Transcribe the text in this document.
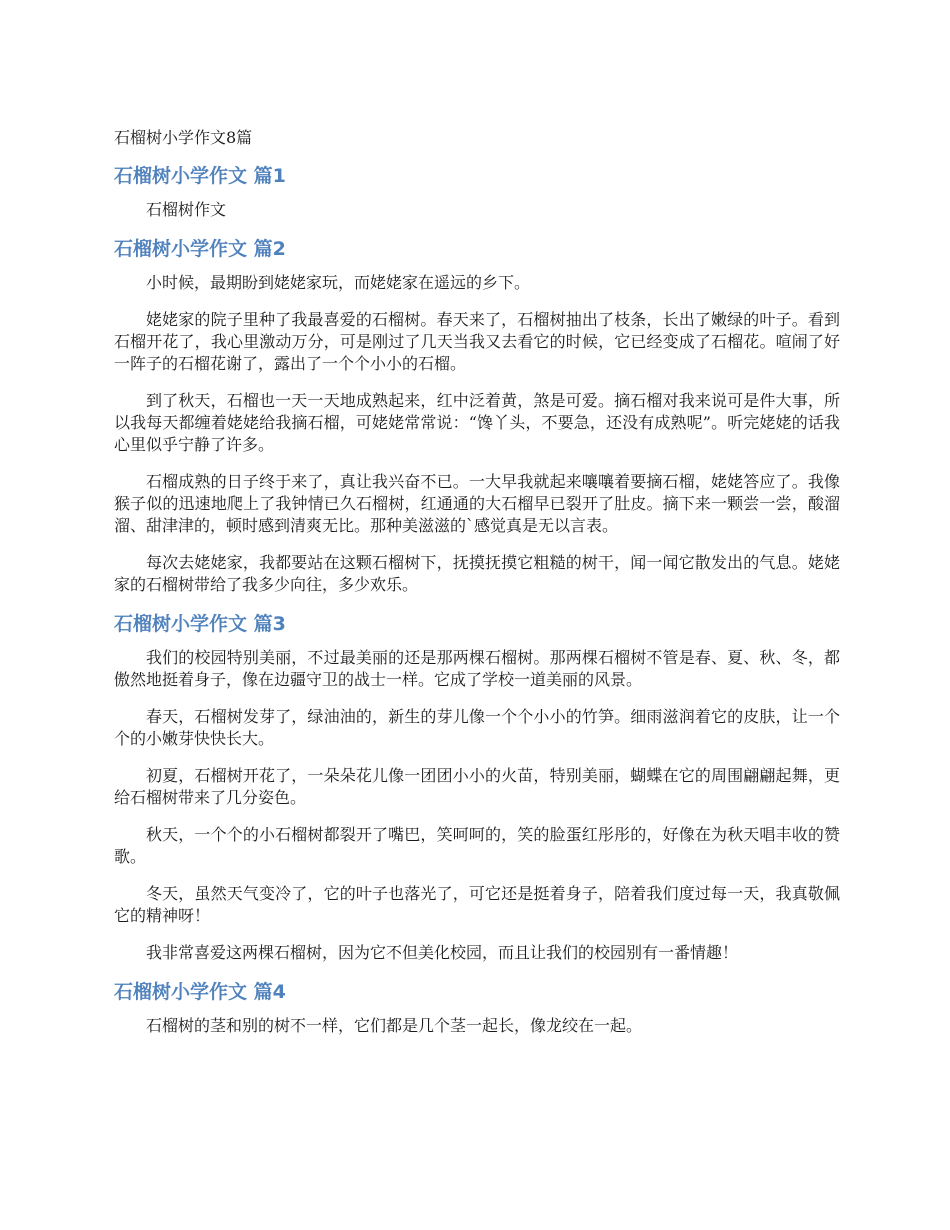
石榴树小学作文8篇

石榴树小学作文 篇1

石榴树作文

石榴树小学作文 篇2

小时候，最期盼到姥姥家玩，而姥姥家在遥远的乡下。

姥姥家的院子里种了我最喜爱的石榴树。春天来了，石榴树抽出了枝条，长出了嫩绿的叶子。看到石榴开花了，我心里激动万分，可是刚过了几天当我又去看它的时候，它已经变成了石榴花。喧闹了好一阵子的石榴花谢了，露出了一个个小小的石榴。

到了秋天，石榴也一天一天地成熟起来，红中泛着黄，煞是可爱。摘石榴对我来说可是件大事，所以我每天都缠着姥姥给我摘石榴，可姥姥常常说：“馋丫头，不要急，还没有成熟呢”。听完姥姥的话我心里似乎宁静了许多。

石榴成熟的日子终于来了，真让我兴奋不已。一大早我就起来嚷嚷着要摘石榴，姥姥答应了。我像猴子似的迅速地爬上了我钟情已久石榴树，红通通的大石榴早已裂开了肚皮。摘下来一颗尝一尝，酸溜溜、甜津津的，顿时感到清爽无比。那种美滋滋的`感觉真是无以言表。

每次去姥姥家，我都要站在这颗石榴树下，抚摸抚摸它粗糙的树干，闻一闻它散发出的气息。姥姥家的石榴树带给了我多少向往，多少欢乐。

石榴树小学作文 篇3

我们的校园特别美丽，不过最美丽的还是那两棵石榴树。那两棵石榴树不管是春、夏、秋、冬，都傲然地挺着身子，像在边疆守卫的战士一样。它成了学校一道美丽的风景。

春天，石榴树发芽了，绿油油的，新生的芽儿像一个个小小的竹笋。细雨滋润着它的皮肤，让一个个的小嫩芽快快长大。

初夏，石榴树开花了，一朵朵花儿像一团团小小的火苗，特别美丽，蝴蝶在它的周围翩翩起舞，更给石榴树带来了几分姿色。

秋天，一个个的小石榴树都裂开了嘴巴，笑呵呵的，笑的脸蛋红彤彤的，好像在为秋天唱丰收的赞歌。

冬天，虽然天气变冷了，它的叶子也落光了，可它还是挺着身子，陪着我们度过每一天，我真敬佩它的精神呀！

我非常喜爱这两棵石榴树，因为它不但美化校园，而且让我们的校园别有一番情趣！

石榴树小学作文 篇4

石榴树的茎和别的树不一样，它们都是几个茎一起长，像龙绞在一起。
